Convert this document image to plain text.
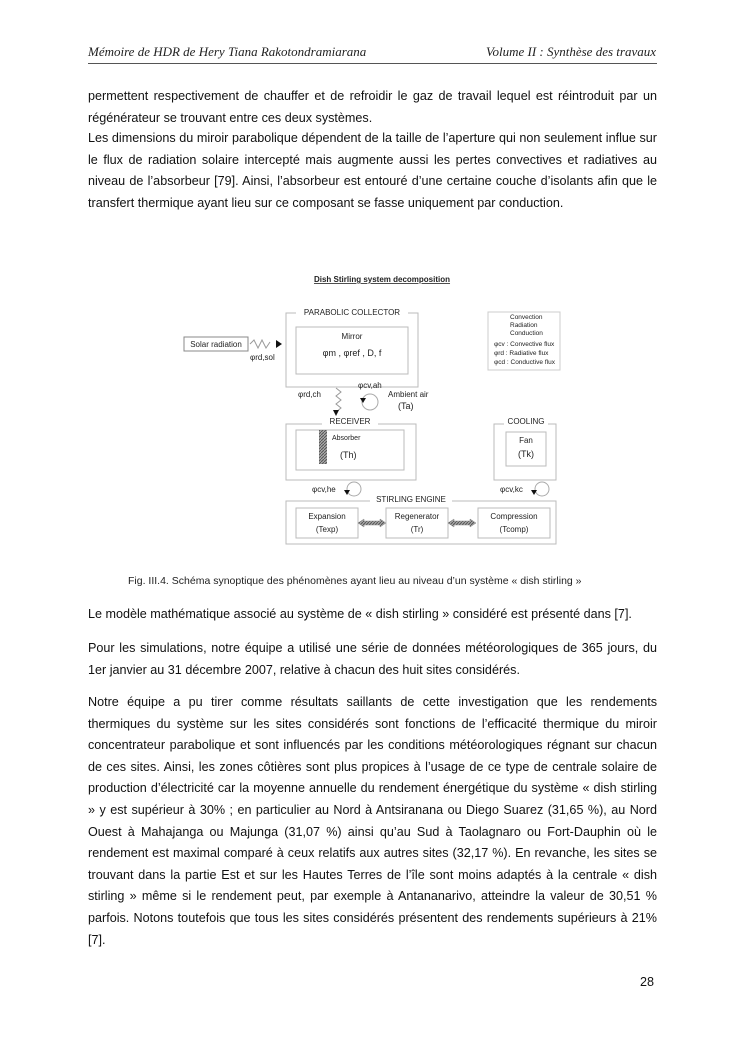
Mémoire de HDR de Hery Tiana Rakotondramiarana	Volume II : Synthèse des travaux
permettent respectivement de chauffer et de refroidir le gaz de travail lequel est réintroduit par un régénérateur se trouvant entre ces deux systèmes.
Les dimensions du miroir parabolique dépendent de la taille de l’aperture qui non seulement influe sur le flux de radiation solaire intercepté mais augmente aussi les pertes convectives et radiatives au niveau de l’absorbeur [79]. Ainsi, l’absorbeur est entouré d’une certaine couche d’isolants afin que le transfert thermique ayant lieu sur ce composant se fasse uniquement par conduction.
Dish Stirling system decomposition
Solar radiation
φrd,sol
PARABOLIC COLLECTOR
Mirror
φm , φref , D, f
φrd,ch
φcv,ah
Ambient air
(Ta)
RECEIVER
Absorber
(Th)
COOLING
Fan
(Tk)
φcv,he	φcv,kc
STIRLING ENGINE
Expansion
(Texp)
Regenerator
(Tr)
Compression
(Tcomp)
Convection
Radiation
Conduction
φcv : Convective flux
φrd : Radiative flux
φcd : Conductive flux
Fig. III.4. Schéma synoptique des phénomènes ayant lieu au niveau d’un système « dish stirling »
Le modèle mathématique associé au système de « dish stirling » considéré est présenté dans [7].
Pour les simulations, notre équipe a utilisé une série de données météorologiques de 365 jours, du 1er janvier au 31 décembre 2007, relative à chacun des huit sites considérés.
Notre équipe a pu tirer comme résultats saillants de cette investigation que les rendements thermiques du système sur les sites considérés sont fonctions de l’efficacité thermique du miroir concentrateur parabolique et sont influencés par les conditions météorologiques régnant sur chacun de ces sites. Ainsi, les zones côtières sont plus propices à l’usage de ce type de centrale solaire de production d’électricité car la moyenne annuelle du rendement énergétique du système « dish stirling » y est supérieur à 30% ; en particulier au Nord à Antsiranana ou Diego Suarez (31,65 %), au Nord Ouest à Mahajanga ou Majunga (31,07 %) ainsi qu’au Sud à Taolagnaro ou Fort-Dauphin où le rendement est maximal comparé à ceux relatifs aux autres sites (32,17 %). En revanche, les sites se trouvant dans la partie Est et sur les Hautes Terres de l’île sont moins adaptés à la centrale « dish stirling » même si le rendement peut, par exemple à Antananarivo, atteindre la valeur de 30,51 % parfois. Notons toutefois que tous les sites considérés présentent des rendements supérieurs à 21% [7].
28
